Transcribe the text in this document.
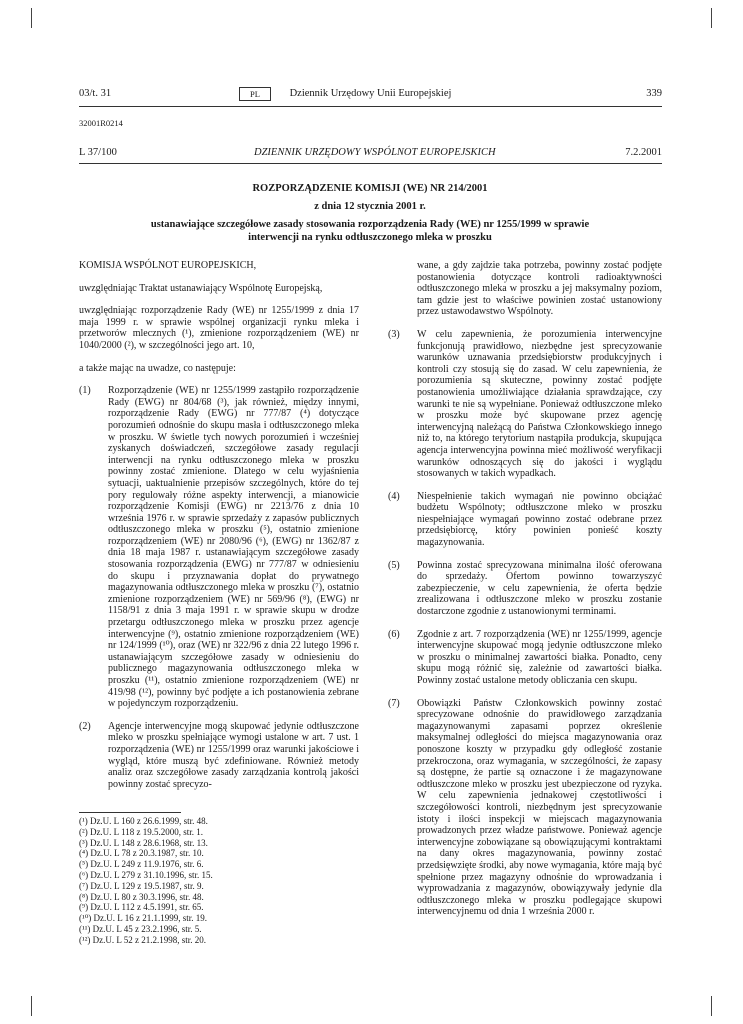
03/t. 31	PL	Dziennik Urzędowy Unii Europejskiej	339
32001R0214
L 37/100	DZIENNIK URZĘDOWY WSPÓLNOT EUROPEJSKICH	7.2.2001
ROZPORZĄDZENIE KOMISJI (WE) NR 214/2001
z dnia 12 stycznia 2001 r.
ustanawiające szczegółowe zasady stosowania rozporządzenia Rady (WE) nr 1255/1999 w sprawie interwencji na rynku odtłuszczonego mleka w proszku

KOMISJA WSPÓLNOT EUROPEJSKICH,

uwzględniając Traktat ustanawiający Wspólnotę Europejską,

uwzględniając rozporządzenie Rady (WE) nr 1255/1999 z dnia 17 maja 1999 r. w sprawie wspólnej organizacji rynku mleka i przetworów mlecznych (¹), zmienione rozporządzeniem (WE) nr 1040/2000 (²), w szczególności jego art. 10,

a także mając na uwadze, co następuje:

(1)	Rozporządzenie (WE) nr 1255/1999 zastąpiło rozporządzenie Rady (EWG) nr 804/68 (³), jak również, między innymi, rozporządzenie Rady (EWG) nr 777/87 (⁴) dotyczące porozumień odnośnie do skupu masła i odtłuszczonego mleka w proszku. W świetle tych nowych porozumień i wcześniej zyskanych doświadczeń, szczegółowe zasady regulacji interwencji na rynku odtłuszczonego mleka w proszku powinny zostać zmienione. Dlatego w celu wyjaśnienia sytuacji, uaktualnienie przepisów szczególnych, które do tej pory regulowały różne aspekty interwencji, a mianowicie rozporządzenie Komisji (EWG) nr 2213/76 z dnia 10 września 1976 r. w sprawie sprzedaży z zapasów publicznych odtłuszczonego mleka w proszku (⁵), ostatnio zmienione rozporządzeniem (WE) nr 2080/96 (⁶), (EWG) nr 1362/87 z dnia 18 maja 1987 r. ustanawiającym szczegółowe zasady stosowania rozporządzenia (EWG) nr 777/87 w odniesieniu do skupu i przyznawania dopłat do prywatnego magazynowania odtłuszczonego mleka w proszku (⁷), ostatnio zmienione rozporządzeniem (WE) nr 569/96 (⁸), (EWG) nr 1158/91 z dnia 3 maja 1991 r. w sprawie skupu w drodze przetargu odtłuszczonego mleka w proszku przez agencje interwencyjne (⁹), ostatnio zmienione rozporządzeniem (WE) nr 124/1999 (¹⁰), oraz (WE) nr 322/96 z dnia 22 lutego 1996 r. ustanawiającym szczegółowe zasady w odniesieniu do publicznego magazynowania odtłuszczonego mleka w proszku (¹¹), ostatnio zmienione rozporządzeniem (WE) nr 419/98 (¹²), powinny być podjęte a ich postanowienia zebrane w pojedynczym rozporządzeniu.
(2)	Agencje interwencyjne mogą skupować jedynie odtłuszczone mleko w proszku spełniające wymogi ustalone w art. 7 ust. 1 rozporządzenia (WE) nr 1255/1999 oraz warunki jakościowe i wygląd, które muszą być zdefiniowane. Również metody analiz oraz szczegółowe zasady zarządzania kontrolą jakości powinny zostać sprecyzo-
wane, a gdy zajdzie taka potrzeba, powinny zostać podjęte postanowienia dotyczące kontroli radioaktywności odtłuszczonego mleka w proszku a jej maksymalny poziom, tam gdzie jest to właściwe powinien zostać ustanowiony przez ustawodawstwo Wspólnoty.
(3)	W celu zapewnienia, że porozumienia interwencyjne funkcjonują prawidłowo, niezbędne jest sprecyzowanie warunków uznawania przedsiębiorstw produkcyjnych i kontroli czy stosują się do zasad. W celu zapewnienia, że porozumienia są skuteczne, powinny zostać podjęte postanowienia umożliwiające działania sprawdzające, czy warunki te nie są wypełniane. Ponieważ odtłuszczone mleko w proszku może być skupowane przez agencję interwencyjną należącą do Państwa Członkowskiego innego niż to, na którego terytorium nastąpiła produkcja, skupująca agencja interwencyjna powinna mieć możliwość weryfikacji warunków odnoszących się do jakości i wyglądu stosowanych w takich wypadkach.
(4)	Niespełnienie takich wymagań nie powinno obciążać budżetu Wspólnoty; odtłuszczone mleko w proszku niespełniające wymagań powinno zostać odebrane przez przedsiębiorcę, który powinien ponieść koszty magazynowania.
(5)	Powinna zostać sprecyzowana minimalna ilość oferowana do sprzedaży. Ofertom powinno towarzyszyć zabezpieczenie, w celu zapewnienia, że oferta będzie zrealizowana i odtłuszczone mleko w proszku zostanie dostarczone zgodnie z ustanowionymi terminami.
(6)	Zgodnie z art. 7 rozporządzenia (WE) nr 1255/1999, agencje interwencyjne skupować mogą jedynie odtłuszczone mleko w proszku o minimalnej zawartości białka. Ponadto, ceny skupu mogą różnić się, zależnie od zawartości białka. Powinny zostać ustalone metody obliczania cen skupu.
(7)	Obowiązki Państw Członkowskich powinny zostać sprecyzowane odnośnie do prawidłowego zarządzania magazynowanymi zapasami poprzez określenie maksymalnej odległości do miejsca magazynowania oraz ponoszone koszty w przypadku gdy odległość zostanie przekroczona, oraz wymagania, w szczególności, że zapasy są dostępne, że partie są oznaczone i że magazynowane odtłuszczone mleko w proszku jest ubezpieczone od ryzyka. W celu zapewnienia jednakowej częstotliwości i szczegółowości kontroli, niezbędnym jest sprecyzowanie istoty i ilości inspekcji w miejscach magazynowania prowadzonych przez władze państwowe. Ponieważ agencje interwencyjne zobowiązane są obowiązującymi kontraktami na dany okres magazynowania, powinny zostać przedsięwzięte środki, aby nowe wymagania, które mają być spełnione przez magazyny odnośnie do wprowadzania i wyprowadzania z magazynów, obowiązywały jedynie dla odtłuszczonego mleka w proszku podlegające skupowi interwencyjnemu od dnia 1 września 2000 r.
(¹) Dz.U. L 160 z 26.6.1999, str. 48.
(²) Dz.U. L 118 z 19.5.2000, str. 1.
(³) Dz.U. L 148 z 28.6.1968, str. 13.
(⁴) Dz.U. L 78 z 20.3.1987, str. 10.
(⁵) Dz.U. L 249 z 11.9.1976, str. 6.
(⁶) Dz.U. L 279 z 31.10.1996, str. 15.
(⁷) Dz.U. L 129 z 19.5.1987, str. 9.
(⁸) Dz.U. L 80 z 30.3.1996, str. 48.
(⁹) Dz.U. L 112 z 4.5.1991, str. 65.
(¹⁰) Dz.U. L 16 z 21.1.1999, str. 19.
(¹¹) Dz.U. L 45 z 23.2.1996, str. 5.
(¹²) Dz.U. L 52 z 21.2.1998, str. 20.
